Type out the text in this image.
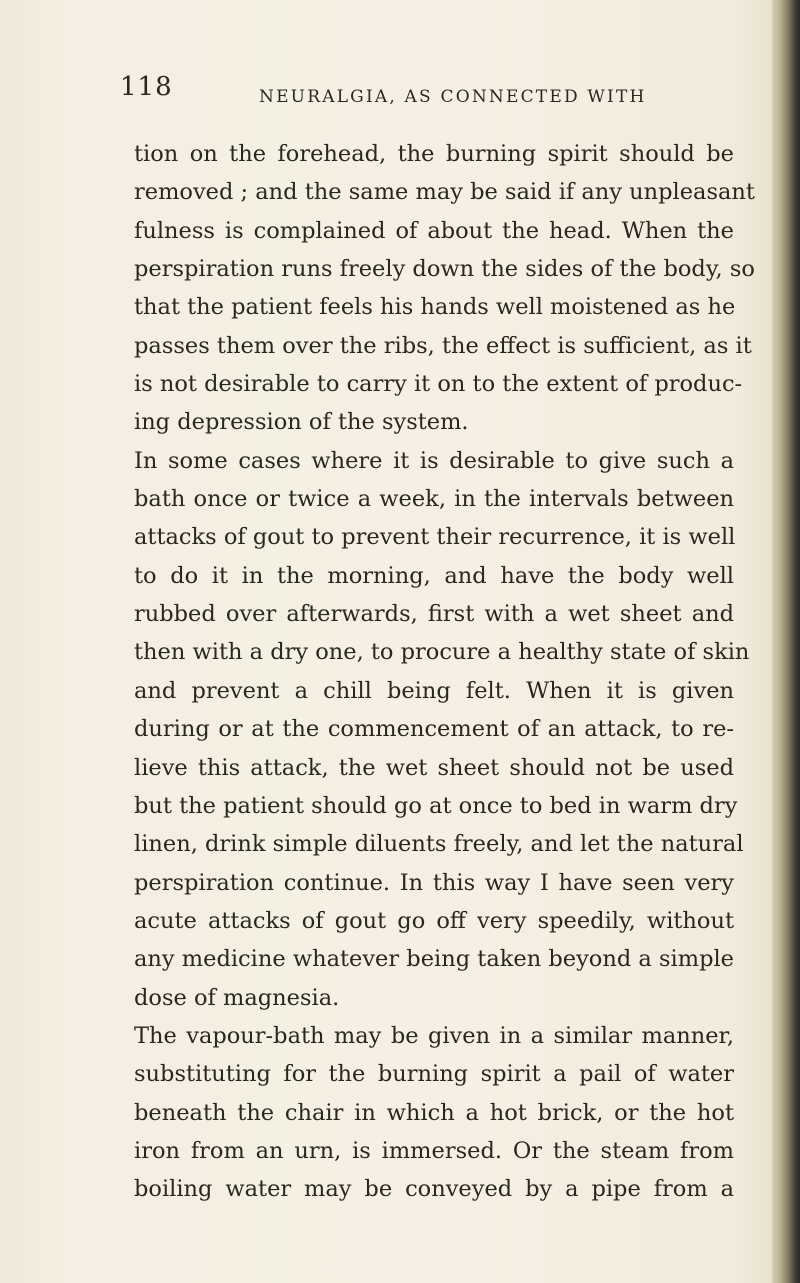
118	NEURALGIA, AS CONNECTED WITH
tion on the forehead, the burning spirit should be
removed ; and the same may be said if any unpleasant
fulness is complained of about the head. When the
perspiration runs freely down the sides of the body, so
that the patient feels his hands well moistened as he
passes them over the ribs, the effect is sufficient, as it
is not desirable to carry it on to the extent of produc-
ing depression of the system.
In some cases where it is desirable to give such a
bath once or twice a week, in the intervals between
attacks of gout to prevent their recurrence, it is well
to do it in the morning, and have the body well
rubbed over afterwards, first with a wet sheet and
then with a dry one, to procure a healthy state of skin
and prevent a chill being felt. When it is given
during or at the commencement of an attack, to re-
lieve this attack, the wet sheet should not be used
but the patient should go at once to bed in warm dry
linen, drink simple diluents freely, and let the natural
perspiration continue. In this way I have seen very
acute attacks of gout go off very speedily, without
any medicine whatever being taken beyond a simple
dose of magnesia.
The vapour-bath may be given in a similar manner,
substituting for the burning spirit a pail of water
beneath the chair in which a hot brick, or the hot
iron from an urn, is immersed. Or the steam from
boiling water may be conveyed by a pipe from a
